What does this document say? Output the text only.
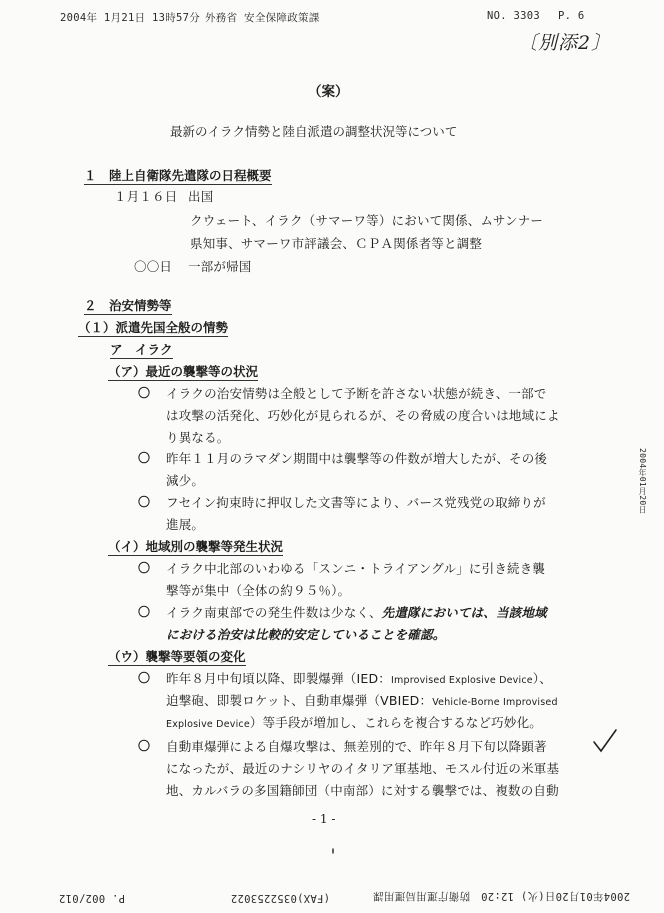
2004年 1月21日 13時57分 外務省 安全保障政策課	NO. 3303 P. 6
〔別添2〕
（案）
最新のイラク情勢と陸自派遣の調整状況等について
１　陸上自衛隊先遣隊の日程概要
１月１６日 出国
クウェート、イラク（サマーワ等）において関係、ムサンナー
県知事、サマーワ市評議会、ＣＰＡ関係者等と調整
〇〇日 一部が帰国
２　治安情勢等
（１）派遣先国全般の情勢
ア　イラク
（ア）最近の襲撃等の状況
〇 イラクの治安情勢は全般として予断を許さない状態が続き、一部で
は攻撃の活発化、巧妙化が見られるが、その脅威の度合いは地域によ
り異なる。
〇 昨年１１月のラマダン期間中は襲撃等の件数が増大したが、その後
減少。
〇 フセイン拘束時に押収した文書等により、バース党残党の取締りが
進展。
（イ）地域別の襲撃等発生状況
〇 イラク中北部のいわゆる「スンニ・トライアングル」に引き続き襲
撃等が集中（全体の約９５％）。
〇 イラク南東部での発生件数は少なく、先遣隊においては、当該地域
における治安は比較的安定していることを確認。
（ウ）襲撃等要領の変化
〇 昨年８月中旬頃以降、即製爆弾（IED：Improvised Explosive Device）、
迫撃砲、即製ロケット、自動車爆弾（VBIED：Vehicle-Borne Improvised
Explosive Device）等手段が増加し、これらを複合するなど巧妙化。
〇 自動車爆弾による自爆攻撃は、無差別的で、昨年８月下旬以降顕著
になったが、最近のナシリヤのイタリア軍基地、モスル付近の米軍基
地、カルバラの多国籍師団（中南部）に対する襲撃では、複数の自動
- 1 -
2004年01月20日
2004年01月20日(火) 12:20
防衛庁運用局運用課
(FAX)0352253022
P. 002/012
